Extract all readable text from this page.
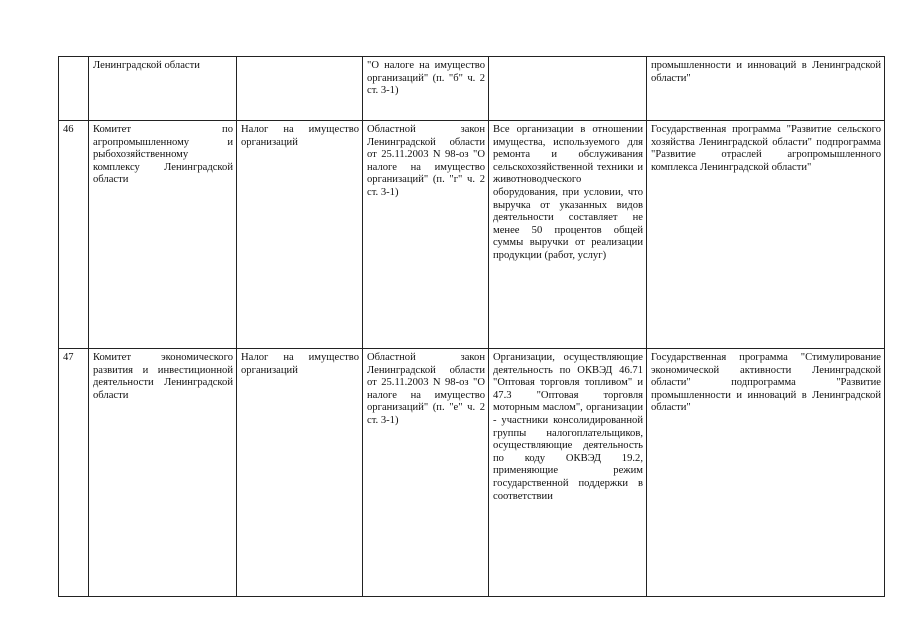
	Ленинградской области		"О налоге на имущество организаций" (п. "б" ч. 2 ст. 3-1)		промышленности и инноваций в Ленинградской области"
46	Комитет по агропромышленному и рыбохозяйственному комплексу Ленинградской области	Налог на имущество организаций	Областной закон Ленинградской области от 25.11.2003 N 98-оз "О налоге на имущество организаций" (п. "г" ч. 2 ст. 3-1)	Все организации в отношении имущества, используемого для ремонта и обслуживания сельскохозяйственной техники и животноводческого оборудования, при условии, что выручка от указанных видов деятельности составляет не менее 50 процентов общей суммы выручки от реализации продукции (работ, услуг)	Государственная программа "Развитие сельского хозяйства Ленинградской области" подпрограмма "Развитие отраслей агропромышленного комплекса Ленинградской области"
47	Комитет экономического развития и инвестиционной деятельности Ленинградской области	Налог на имущество организаций	Областной закон Ленинградской области от 25.11.2003 N 98-оз "О налоге на имущество организаций" (п. "е" ч. 2 ст. 3-1)	Организации, осуществляющие деятельность по ОКВЭД 46.71 "Оптовая торговля топливом" и 47.3 "Оптовая торговля моторным маслом", организации - участники консолидированной группы налогоплательщиков, осуществляющие деятельность по коду ОКВЭД 19.2, применяющие режим государственной поддержки в соответствии	Государственная программа "Стимулирование экономической активности Ленинградской области" подпрограмма "Развитие промышленности и инноваций в Ленинградской области"
